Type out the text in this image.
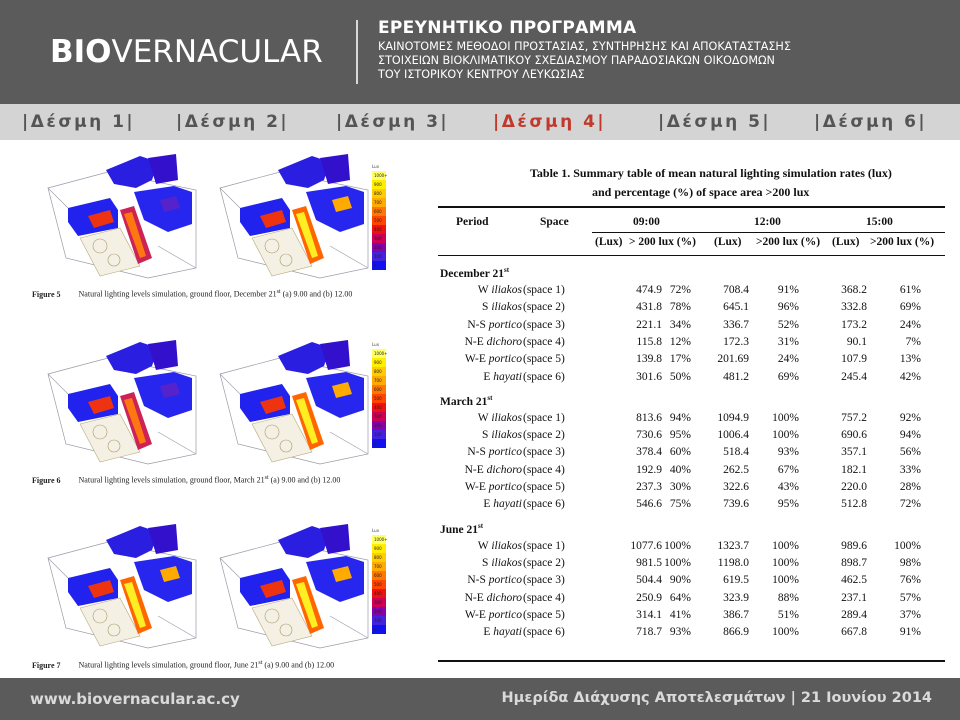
BIOVERNACULAR
ΕΡΕΥΝΗΤΙΚΟ ΠΡΟΓΡΑΜΜΑ
ΚΑΙΝΟΤΟΜΕΣ ΜΕΘΟΔΟΙ ΠΡΟΣΤΑΣΙΑΣ, ΣΥΝΤΗΡΗΣΗΣ ΚΑΙ ΑΠΟΚΑΤΑΣΤΑΣΗΣ
ΣΤΟΙΧΕΙΩΝ ΒΙΟΚΛΙΜΑΤΙΚΟΥ ΣΧΕΔΙΑΣΜΟΥ ΠΑΡΑΔΟΣΙΑΚΩΝ ΟΙΚΟΔΟΜΩΝ
ΤΟΥ ΙΣΤΟΡΙΚΟΥ ΚΕΝΤΡΟΥ ΛΕΥΚΩΣΙΑΣ
|Δέσμη 1| |Δέσμη 2|	|Δέσμη 3|	|Δέσμη 4|	|Δέσμη 5|	|Δέσμη 6|
Lux
1000+
900
800
700
600
500
400
300
200
100
0
Lux
1000+
900
800
700
600
500
400
300
200
100
0
Lux
1000+
900
800
700
600
500
400
300
200
100
0
Figure 5 Natural lighting levels simulation, ground floor, December 21st (a) 9.00 and (b) 12.00
Figure 6 Natural lighting levels simulation, ground floor, March 21st (a) 9.00 and (b) 12.00
Figure 7 Natural lighting levels simulation, ground floor, June 21st (a) 9.00 and (b) 12.00
Table 1. Summary table of mean natural lighting simulation rates (lux)
and percentage (%) of space area >200 lux
Period	Space	09:00	12:00	15:00
(Lux) > 200 lux (%) (Lux) >200 lux (%) (Lux) >200 lux (%)
December 21st
W iliakos (space 1)	474.9 72%	708.4	91%	368.2	61%
S iliakos (space 2)	431.8 78%	645.1	96%	332.8	69%
N-S portico (space 3)	221.1 34%	336.7	52%	173.2	24%
N-E dichoro (space 4)	115.8 12%	172.3	31%	90.1	7%
W-E portico (space 5)	139.8 17%	201.69	24%	107.9	13%
E hayati (space 6)	301.6 50%	481.2	69%	245.4	42%
March 21st
W iliakos (space 1)	813.6 94%	1094.9	100%	757.2	92%
S iliakos (space 2)	730.6 95%	1006.4	100%	690.6	94%
N-S portico (space 3)	378.4 60%	518.4	93%	357.1	56%
N-E dichoro (space 4)	192.9 40%	262.5	67%	182.1	33%
W-E portico (space 5)	237.3 30%	322.6	43%	220.0	28%
E hayati (space 6)	546.6 75%	739.6	95%	512.8	72%
June 21st
W iliakos (space 1)	1077.6 100%	1323.7	100%	989.6	100%
S iliakos (space 2)	981.5 100%	1198.0	100%	898.7	98%
N-S portico (space 3)	504.4 90%	619.5	100%	462.5	76%
N-E dichoro (space 4)	250.9 64%	323.9	88%	237.1	57%
W-E portico (space 5)	314.1 41%	386.7	51%	289.4	37%
E hayati (space 6)	718.7 93%	866.9	100%	667.8	91%
www.biovernacular.ac.cy	Ημερίδα Διάχυσης Αποτελεσμάτων | 21 Ιουνίου 2014
